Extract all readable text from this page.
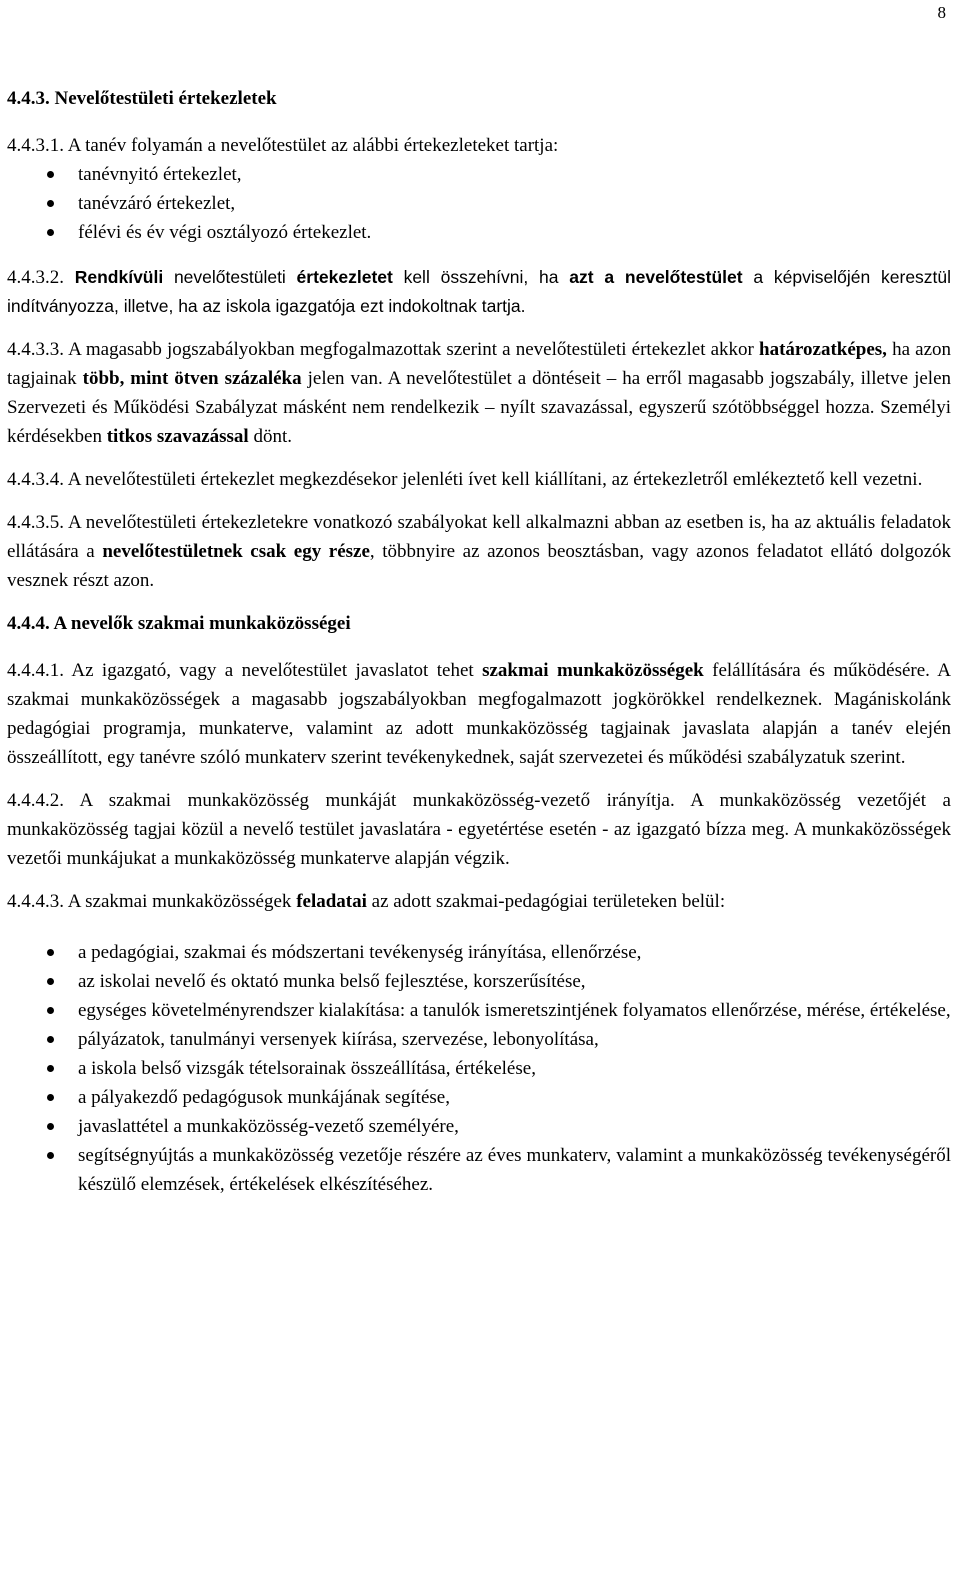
8
4.4.3. Nevelőtestületi értekezletek
4.4.3.1. A tanév folyamán a nevelőtestület az alábbi értekezleteket tartja:
tanévnyitó értekezlet,
tanévzáró értekezlet,
félévi és év végi osztályozó értekezlet.
4.4.3.2. Rendkívüli nevelőtestületi értekezletet kell összehívni, ha azt a nevelőtestület a képviselőjén keresztül indítványozza, illetve, ha az iskola igazgatója ezt indokoltnak tartja.
4.4.3.3. A magasabb jogszabályokban megfogalmazottak szerint a nevelőtestületi értekezlet akkor határozatképes, ha azon tagjainak több, mint ötven százaléka jelen van. A nevelőtestület a döntéseit – ha erről magasabb jogszabály, illetve jelen Szervezeti és Működési Szabályzat másként nem rendelkezik – nyílt szavazással, egyszerű szótöbbséggel hozza. Személyi kérdésekben titkos szavazással dönt.
4.4.3.4. A nevelőtestületi értekezlet megkezdésekor jelenléti ívet kell kiállítani, az értekezletről emlékeztető kell vezetni.
4.4.3.5. A nevelőtestületi értekezletekre vonatkozó szabályokat kell alkalmazni abban az esetben is, ha az aktuális feladatok ellátására a nevelőtestületnek csak egy része, többnyire az azonos beosztásban, vagy azonos feladatot ellátó dolgozók vesznek részt azon.
4.4.4. A nevelők szakmai munkaközösségei
4.4.4.1. Az igazgató, vagy a nevelőtestület javaslatot tehet szakmai munkaközösségek felállítására és működésére. A szakmai munkaközösségek a magasabb jogszabályokban megfogalmazott jogkörökkel rendelkeznek. Magániskolánk pedagógiai programja, munkaterve, valamint az adott munkaközösség tagjainak javaslata alapján a tanév elején összeállított, egy tanévre szóló munkaterv szerint tevékenykednek, saját szervezetei és működési szabályzatuk szerint.
4.4.4.2. A szakmai munkaközösség munkáját munkaközösség-vezető irányítja. A munkaközösség vezetőjét a munkaközösség tagjai közül a nevelő testület javaslatára - egyetértése esetén - az igazgató bízza meg. A munkaközösségek vezetői munkájukat a munkaközösség munkaterve alapján végzik.
4.4.4.3. A szakmai munkaközösségek feladatai az adott szakmai-pedagógiai területeken belül:
a pedagógiai, szakmai és módszertani tevékenység irányítása, ellenőrzése,
az iskolai nevelő és oktató munka belső fejlesztése, korszerűsítése,
egységes követelményrendszer kialakítása: a tanulók ismeretszintjének folyamatos ellenőrzése, mérése, értékelése,
pályázatok, tanulmányi versenyek kiírása, szervezése, lebonyolítása,
a iskola belső vizsgák tételsorainak összeállítása, értékelése,
a pályakezdő pedagógusok munkájának segítése,
javaslattétel a munkaközösség-vezető személyére,
segítségnyújtás a munkaközösség vezetője részére az éves munkaterv, valamint a munkaközösség tevékenységéről készülő elemzések, értékelések elkészítéséhez.
